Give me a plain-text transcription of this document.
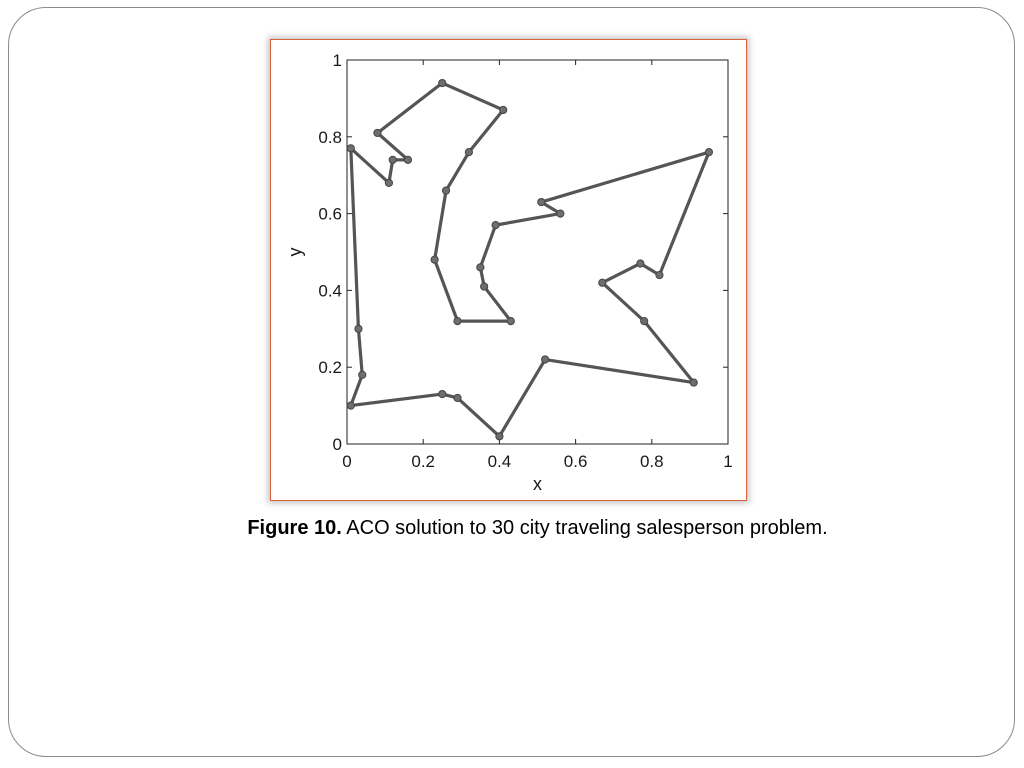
0	0.2	0.4	0.6	0.8	1
0
0.2
0.4
0.6
0.8
1
x
y
Figure 10. ACO solution to 30 city traveling salesperson problem.
